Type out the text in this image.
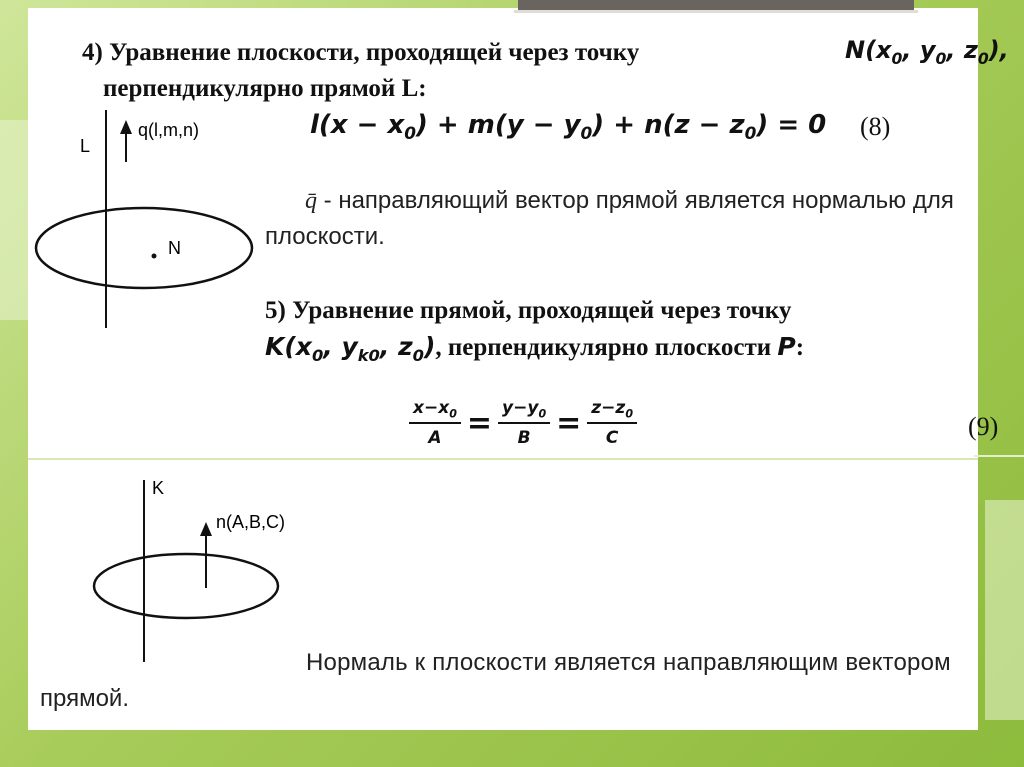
4) Уравнение плоскости, проходящей через точку	$N(x_0$, $y_0$, $z_0$),
перпендикулярно прямой L:
$l(x - x_0) + m(y - y_0) + n(z - z_0) = 0$ (8)
q̄ - направляющий вектор прямой является нормалью для
плоскости.
L
q(l,m,n)
N
5) Уравнение прямой, проходящей через точку
$K(x_0$, $y_{k0}$, $z_0$), перпендикулярно плоскости P:
$\frac{x-x_0}{A} = \frac{y-y_0}{B} = \frac{z-z_0}{C}$	(9)
K
n(A,B,C)
Нормаль к плоскости является направляющим вектором
прямой.
